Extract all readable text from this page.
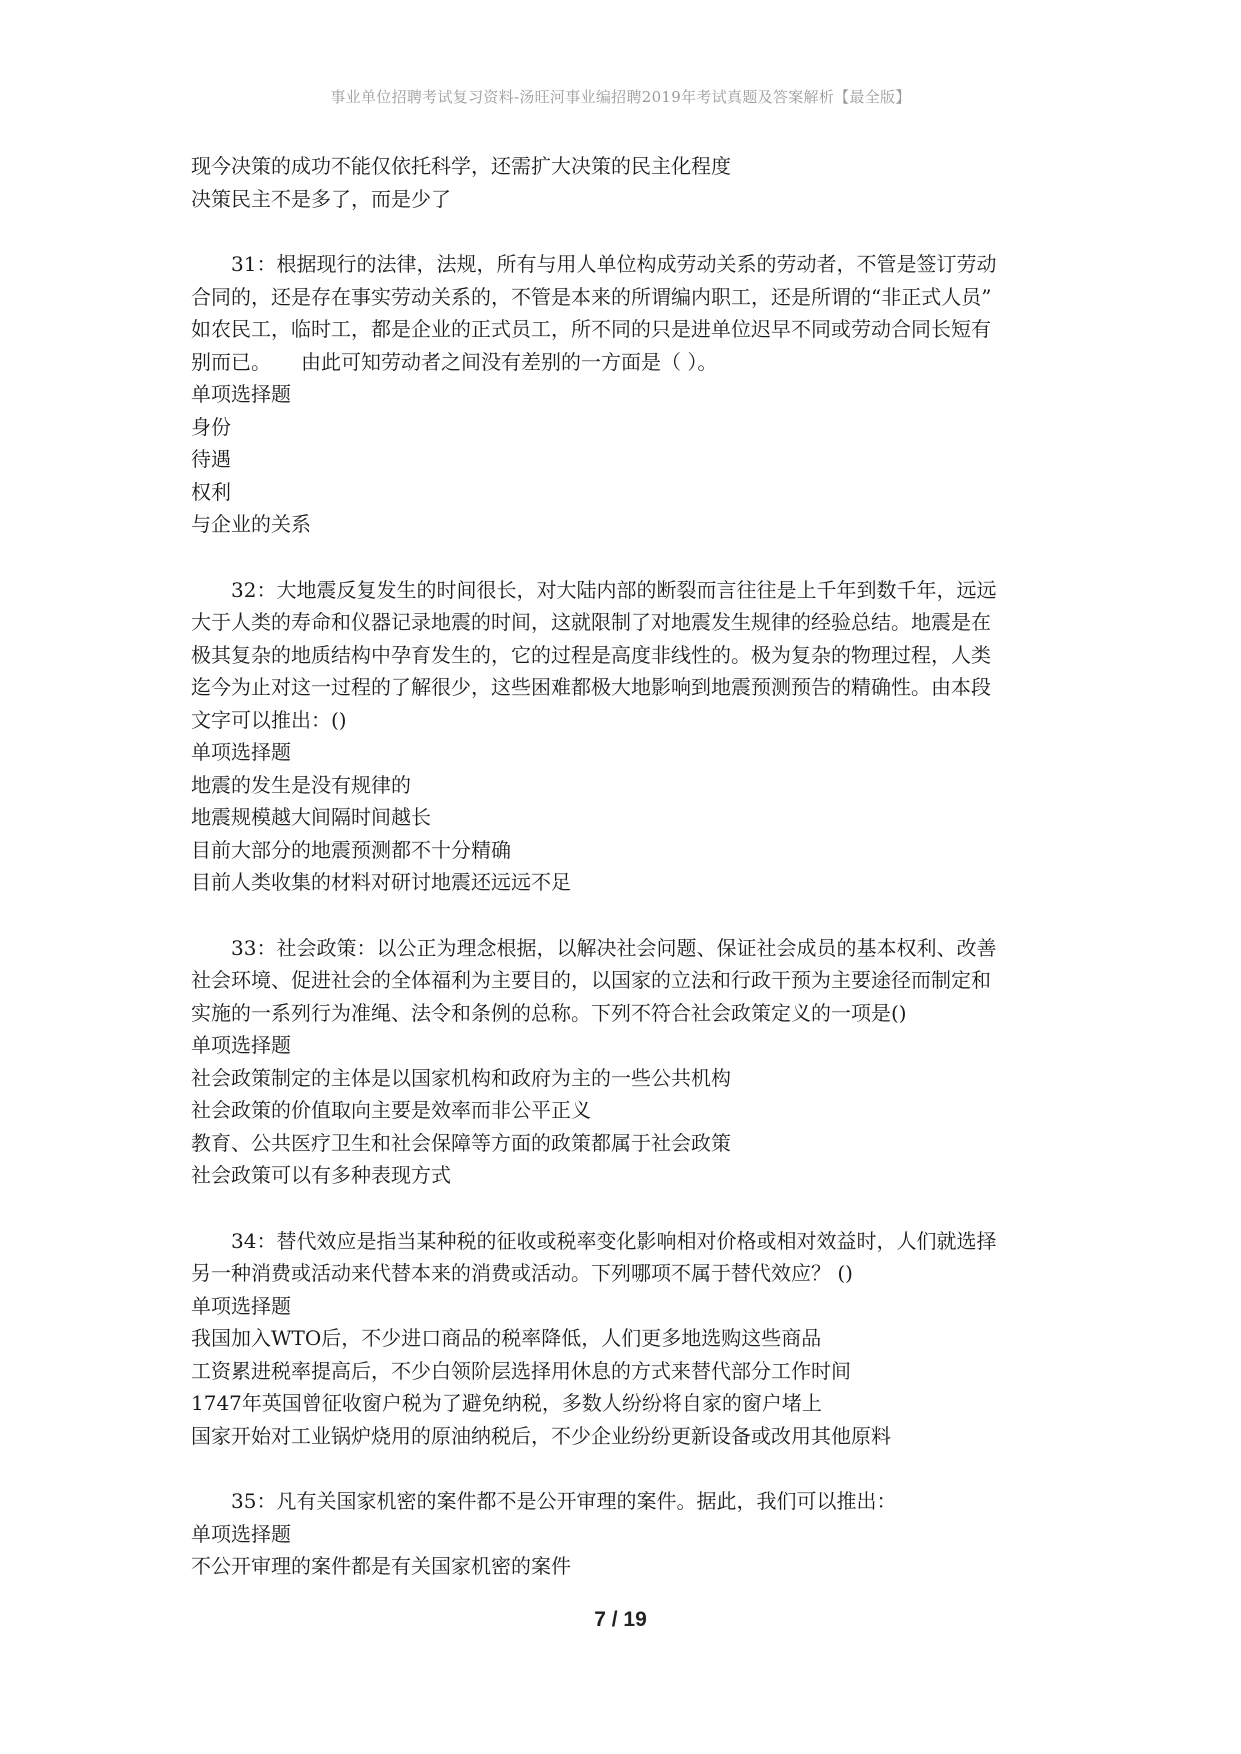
事业单位招聘考试复习资料-汤旺河事业编招聘2019年考试真题及答案解析【最全版】
现今决策的成功不能仅依托科学，还需扩大决策的民主化程度
决策民主不是多了，而是少了
31：根据现行的法律，法规，所有与用人单位构成劳动关系的劳动者，不管是签订劳动
合同的，还是存在事实劳动关系的，不管是本来的所谓编内职工，还是所谓的“非正式人员”
如农民工，临时工，都是企业的正式员工，所不同的只是进单位迟早不同或劳动合同长短有
别而已。　　由此可知劳动者之间没有差别的一方面是（ ）。
单项选择题
身份
待遇
权利
与企业的关系
32：大地震反复发生的时间很长，对大陆内部的断裂而言往往是上千年到数千年，远远
大于人类的寿命和仪器记录地震的时间，这就限制了对地震发生规律的经验总结。地震是在
极其复杂的地质结构中孕育发生的，它的过程是高度非线性的。极为复杂的物理过程，人类
迄今为止对这一过程的了解很少，这些困难都极大地影响到地震预测预告的精确性。由本段
文字可以推出：()
单项选择题
地震的发生是没有规律的
地震规模越大间隔时间越长
目前大部分的地震预测都不十分精确
目前人类收集的材料对研讨地震还远远不足
33：社会政策：以公正为理念根据，以解决社会问题、保证社会成员的基本权利、改善
社会环境、促进社会的全体福利为主要目的，以国家的立法和行政干预为主要途径而制定和
实施的一系列行为准绳、法令和条例的总称。下列不符合社会政策定义的一项是()
单项选择题
社会政策制定的主体是以国家机构和政府为主的一些公共机构
社会政策的价值取向主要是效率而非公平正义
教育、公共医疗卫生和社会保障等方面的政策都属于社会政策
社会政策可以有多种表现方式
34：替代效应是指当某种税的征收或税率变化影响相对价格或相对效益时，人们就选择
另一种消费或活动来代替本来的消费或活动。下列哪项不属于替代效应？ ()
单项选择题
我国加入WTO后，不少进口商品的税率降低，人们更多地选购这些商品
工资累进税率提高后，不少白领阶层选择用休息的方式来替代部分工作时间
1747年英国曾征收窗户税为了避免纳税，多数人纷纷将自家的窗户堵上
国家开始对工业锅炉烧用的原油纳税后，不少企业纷纷更新设备或改用其他原料
35：凡有关国家机密的案件都不是公开审理的案件。据此，我们可以推出：
单项选择题
不公开审理的案件都是有关国家机密的案件
7 / 19
